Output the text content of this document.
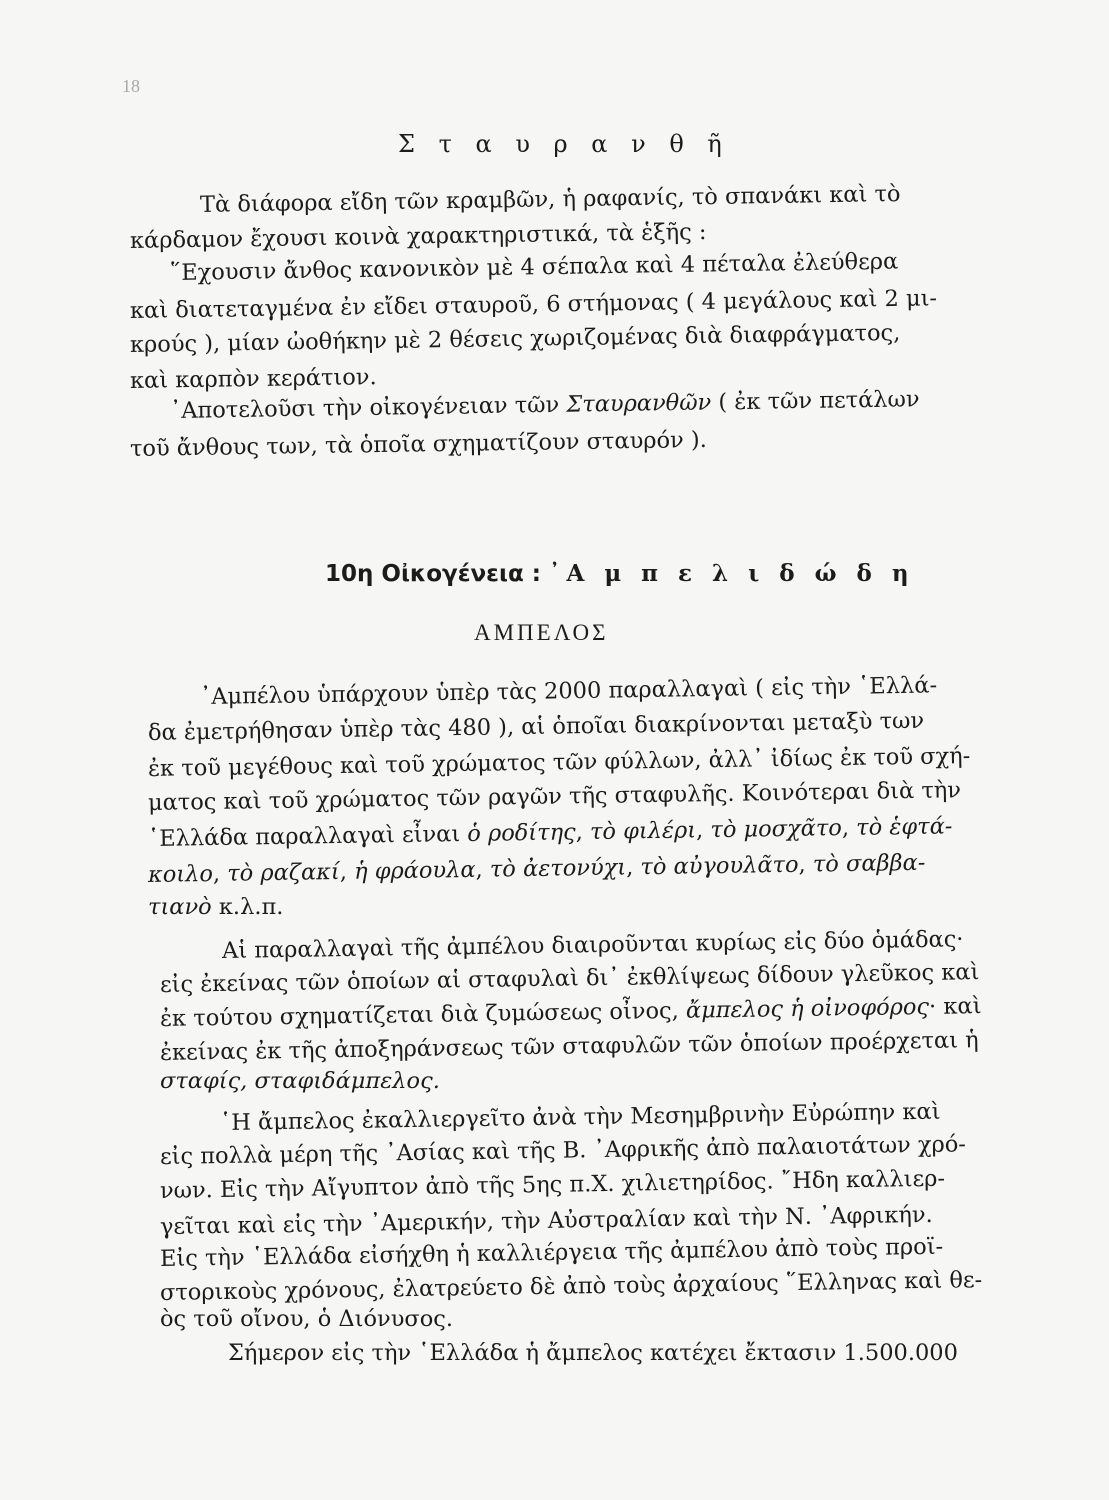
18
Σ τ α υ ρ α ν θ ῆ
Τὰ διάφορα εἴδη τῶν κραμβῶν, ἡ ραφανίς, τὸ σπανάκι καὶ τὸ
κάρδαμον ἔχουσι κοινὰ χαρακτηριστικά, τὰ ἑξῆς :
῞Εχουσιν ἄνθος κανονικὸν μὲ 4 σέπαλα καὶ 4 πέταλα ἐλεύθερα
καὶ διατεταγμένα ἐν εἴδει σταυροῦ, 6 στήμονας ( 4 μεγάλους καὶ 2 μι-
κρούς ), μίαν ὠοθήκην μὲ 2 θέσεις χωριζομένας διὰ διαφράγματος,
καὶ καρπὸν κεράτιον.
᾿Αποτελοῦσι τὴν οἰκογένειαν τῶν Σταυρανθῶν ( ἐκ τῶν πετάλων
τοῦ ἄνθους των, τὰ ὁποῖα σχηματίζουν σταυρόν ).
10η Οἰκογένεια : ᾿Α μ π ε λ ι δ ώ δ η
ΑΜΠΕΛΟΣ
᾿Αμπέλου ὑπάρχουν ὑπὲρ τὰς 2000 παραλλαγαὶ ( εἰς τὴν ῾Ελλά-
δα ἐμετρήθησαν ὑπὲρ τὰς 480 ), αἱ ὁποῖαι διακρίνονται μεταξὺ των
ἐκ τοῦ μεγέθους καὶ τοῦ χρώματος τῶν φύλλων, ἀλλ᾿ ἰδίως ἐκ τοῦ σχή-
ματος καὶ τοῦ χρώματος τῶν ραγῶν τῆς σταφυλῆς. Κοινότεραι διὰ τὴν
῾Ελλάδα παραλλαγαὶ εἶναι ὁ ροδίτης, τὸ φιλέρι, τὸ μοσχᾶτο, τὸ ἑφτά-
κοιλο, τὸ ραζακί, ἡ φράουλα, τὸ ἀετονύχι, τὸ αὐγουλᾶτο, τὸ σαββα-
τιανὸ κ.λ.π.
Αἱ παραλλαγαὶ τῆς ἀμπέλου διαιροῦνται κυρίως εἰς δύο ὁμάδας·
εἰς ἐκείνας τῶν ὁποίων αἱ σταφυλαὶ δι᾿ ἐκθλίψεως δίδουν γλεῦκος καὶ
ἐκ τούτου σχηματίζεται διὰ ζυμώσεως οἶνος, ἄμπελος ἡ οἰνοφόρος· καὶ
ἐκείνας ἐκ τῆς ἀποξηράνσεως τῶν σταφυλῶν τῶν ὁποίων προέρχεται ἡ
σταφίς, σταφιδάμπελος.
῾Η ἄμπελος ἐκαλλιεργεῖτο ἀνὰ τὴν Μεσημβρινὴν Εὐρώπην καὶ
εἰς πολλὰ μέρη τῆς ᾿Ασίας καὶ τῆς Β. ᾿Αφρικῆς ἀπὸ παλαιοτάτων χρό-
νων. Εἰς τὴν Αἴγυπτον ἀπὸ τῆς 5ης π.Χ. χιλιετηρίδος. ῎Ηδη καλλιερ-
γεῖται καὶ εἰς τὴν ᾿Αμερικήν, τὴν Αὐστραλίαν καὶ τὴν Ν. ᾿Αφρικήν.
Εἰς τὴν ῾Ελλάδα εἰσήχθη ἡ καλλιέργεια τῆς ἀμπέλου ἀπὸ τοὺς προϊ-
στορικοὺς χρόνους, ἐλατρεύετο δὲ ἀπὸ τοὺς ἀρχαίους ῞Ελληνας καὶ θε-
ὸς τοῦ οἴνου, ὁ Διόνυσος.
Σήμερον εἰς τὴν ῾Ελλάδα ἡ ἄμπελος κατέχει ἔκτασιν 1.500.000
